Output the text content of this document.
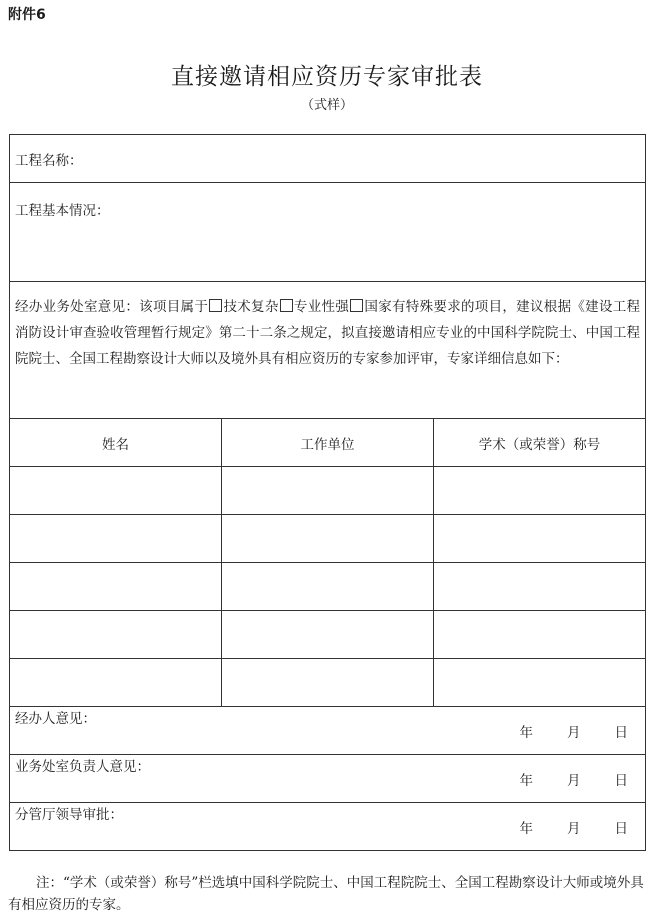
附件6
直接邀请相应资历专家审批表
（式样）
工程名称：		
工程基本情况：		
经办业务处室意见：该项目属于 技术复杂 专业性强 国家有特殊要求的项目，建议根据《建设工程消防设计审查验收管理暂行规定》第二十二条之规定，拟直接邀请相应专业的中国科学院院士、中国工程院院士、全国工程勘察设计大师以及境外具有相应资历的专家参加评审，专家详细信息如下：		
姓名	工作单位	学术（或荣誉）称号

经办人意见：
年 月 日		

业务处室负责人意见：
年 月 日		

分管厅领导审批：
年 月 日		
注：“学术（或荣誉）称号”栏选填中国科学院院士、中国工程院院士、全国工程勘察设计大师或境外具有相应资历的专家。
